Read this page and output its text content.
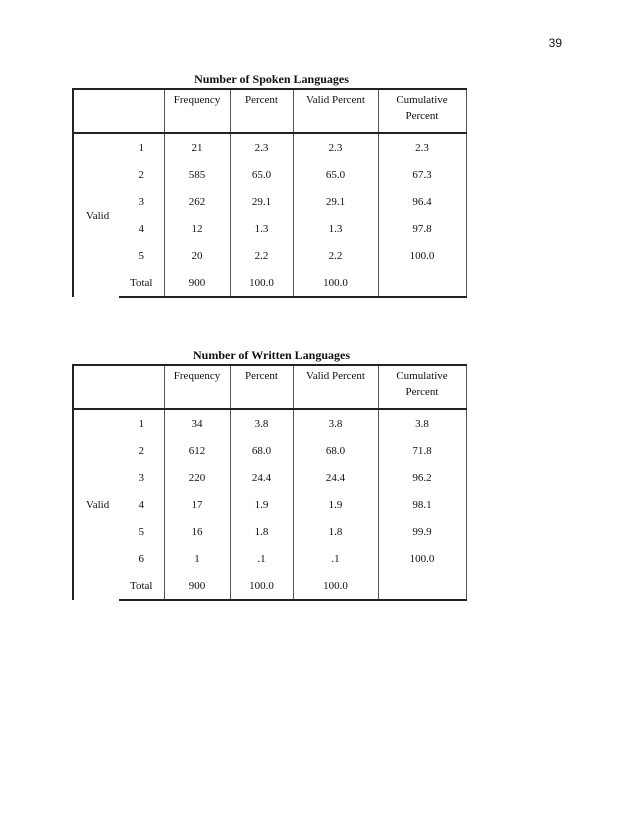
39
Number of Spoken Languages
		Frequency	Percent	Valid Percent	Cumulative Percent
Valid	1	21	2.3	2.3	2.3
	2	585	65.0	65.0	67.3
	3	262	29.1	29.1	96.4
	4	12	1.3	1.3	97.8
	5	20	2.2	2.2	100.0
	Total	900	100.0	100.0	
Number of Written Languages
		Frequency	Percent	Valid Percent	Cumulative Percent
Valid	1	34	3.8	3.8	3.8
	2	612	68.0	68.0	71.8
	3	220	24.4	24.4	96.2
	4	17	1.9	1.9	98.1
	5	16	1.8	1.8	99.9
	6	1	.1	.1	100.0
	Total	900	100.0	100.0	
